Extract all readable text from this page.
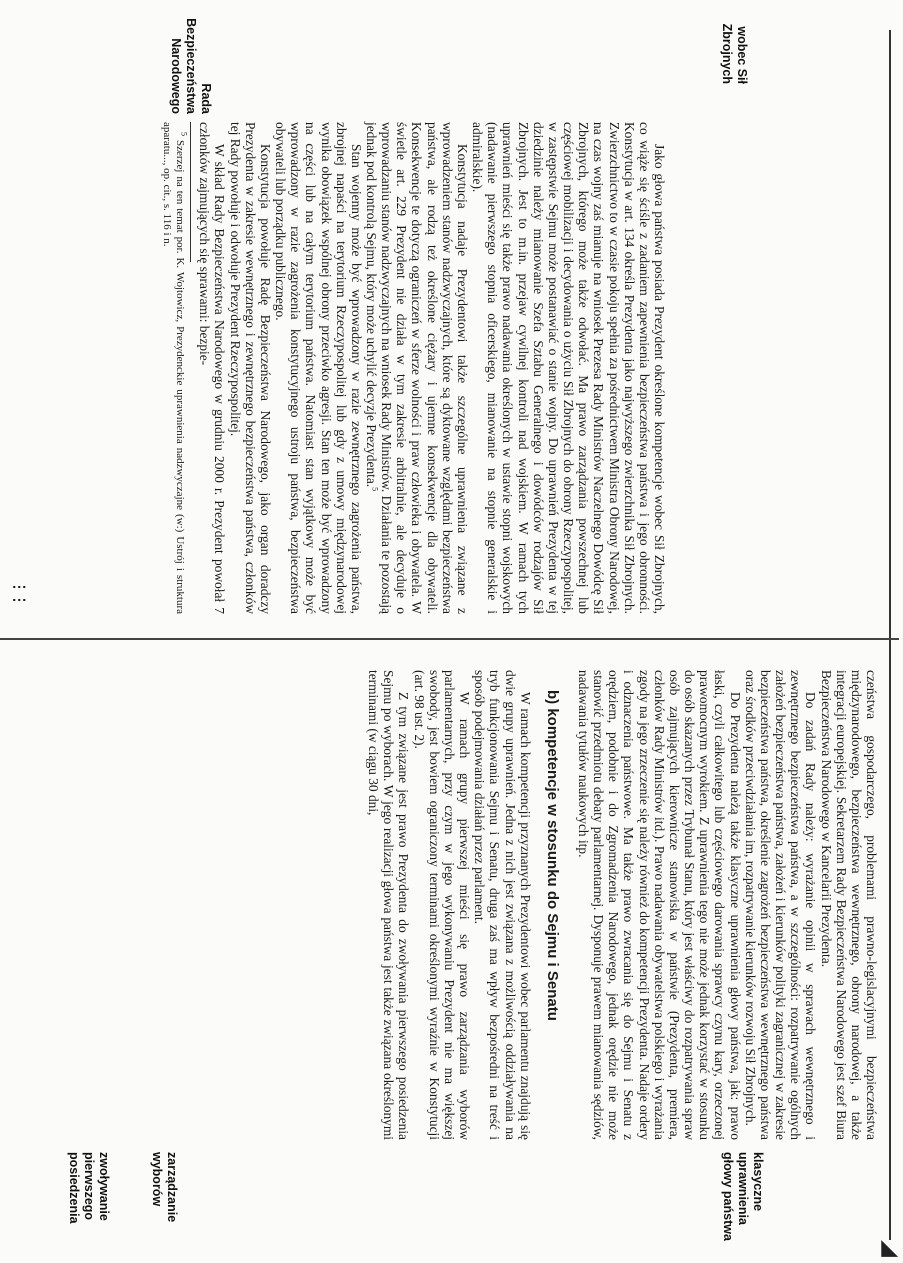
◢
wobec Sił
Zbrojnych
Rada
Bezpieczeństwa
Narodowego

Jako głowa państwa posiada Prezydent określone kompetencje wobec Sił Zbrojnych, co wiąże się ściśle z zadaniem zapewnienia bezpieczeństwa państwa i jego obronności. Konstytucja w art. 134 określa Prezydenta jako najwyższego zwierzchnika Sił Zbrojnych. Zwierzchnictwo to w czasie pokoju spełnia za pośrednictwem Ministra Obrony Narodowej, na czas wojny zaś mianuje na wniosek Prezesa Rady Ministrów Naczelnego Dowódcę Sił Zbrojnych, którego może także odwołać. Ma prawo zarządzania powszechnej lub częściowej mobilizacji i decydowania o użyciu Sił Zbrojnych do obrony Rzeczypospolitej, w zastępstwie Sejmu może postanawiać o stanie wojny. Do uprawnień Prezydenta w tej dziedzinie należy mianowanie Szefa Sztabu Generalnego i dowódców rodzajów Sił Zbrojnych. Jest to m.in. przejaw cywilnej kontroli nad wojskiem. W ramach tych uprawnień mieści się także prawo nadawania określonych w ustawie stopni wojskowych (nadawanie pierwszego stopnia oficerskiego, mianowanie na stopnie generalskie i admiralskie).

Konstytucja nadaje Prezydentowi także szczególne uprawnienia związane z wprowadzeniem stanów nadzwyczajnych, które są dyktowane względami bezpieczeństwa państwa, ale rodzą też określone ciężary i ujemne konsekwencje dla obywateli. Konsekwencje te dotyczą ograniczeń w sferze wolności i praw człowieka i obywatela. W świetle art. 229 Prezydent nie działa w tym zakresie arbitralnie, ale decyduje o wprowadzaniu stanów nadzwyczajnych na wniosek Rady Ministrów. Działania te pozostają jednak pod kontrolą Sejmu, który może uchylić decyzje Prezydenta.$^5$

Stan wojenny może być wprowadzony w razie zewnętrznego zagrożenia państwa, zbrojnej napaści na terytorium Rzeczypospolitej lub gdy z umowy międzynarodowej wynika obowiązek wspólnej obrony przeciwko agresji. Stan ten może być wprowadzony na części lub na całym terytorium państwa. Natomiast stan wyjątkowy może być wprowadzony w razie zagrożenia konstytucyjnego ustroju państwa, bezpieczeństwa obywateli lub porządku publicznego.

Konstytucja powołuje Radę Bezpieczeństwa Narodowego, jako organ doradczy Prezydenta w zakresie wewnętrznego i zewnętrznego bezpieczeństwa państwa, członków tej Rady powołuje i odwołuje Prezydent Rzeczypospolitej.

W skład Rady Bezpieczeństwa Narodowego w grudniu 2000 r. Prezydent powołał 7 członków zajmujących się sprawami: bezpie-

$^5$ Szerzej na ten temat por. K. Wojtowicz, Prezydenckie uprawnienia nadzwyczajne (w:) Ustrój i struktura aparatu..., op. cit., s. 116 i n.

⋮⋮

czeństwa gospodarczego, problemami prawno-legislacyjnymi bezpieczeństwa międzynarodowego, bezpieczeństwa wewnętrznego, obrony narodowej, a także integracji europejskiej. Sekretarzem Rady Bezpieczeństwa Narodowego jest szef Biura Bezpieczeństwa Narodowego w Kancelarii Prezydenta.

Do zadań Rady należy: wyrażanie opinii w sprawach wewnętrznego i zewnętrznego bezpieczeństwa państwa, a w szczególności: rozpatrywanie ogólnych założeń bezpieczeństwa państwa, założeń i kierunków polityki zagranicznej w zakresie bezpieczeństwa państwa, określenie zagrożeń bezpieczeństwa wewnętrznego państwa oraz środków przeciwdziałania im, rozpatrywanie kierunków rozwoju Sił Zbrojnych.

Do Prezydenta należą także klasyczne uprawnienia głowy państwa, jak: prawo łaski, czyli całkowitego lub częściowego darowania sprawcy czynu kary, orzeczonej prawomocnym wyrokiem. Z uprawnienia tego nie może jednak korzystać w stosunku do osób skazanych przez Trybunał Stanu, który jest właściwy do rozpatrywania spraw osób zajmujących kierownicze stanowiska w państwie (Prezydenta, premiera, członków Rady Ministrów itd.). Prawo nadawania obywatelstwa polskiego i wyrażania zgody na jego zrzeczenie się należy również do kompetencji Prezydenta. Nadaje ordery i odznaczenia państwowe. Ma także prawo zwracania się do Sejmu i Senatu z orędziem, podobnie i do Zgromadzenia Narodowego, jednak orędzie nie może stanowić przedmiotu debaty parlamentarnej. Dysponuje prawem mianowania sędziów, nadawania tytułów naukowych itp.

b) kompetencje w stosunku do Sejmu i Senatu

W ramach kompetencji przyznanych Prezydentowi wobec parlamentu znajdują się dwie grupy uprawnień. Jedna z nich jest związana z możliwością oddziaływania na tryb funkcjonowania Sejmu i Senatu, druga zaś ma wpływ bezpośredni na treść i sposób podejmowania działań przez parlament.

W ramach grupy pierwszej mieści się prawo zarządzania wyborów parlamentarnych, przy czym w jego wykonywaniu Prezydent nie ma większej swobody, jest bowiem ograniczony terminami określonymi wyraźnie w Konstytucji (art. 98 ust. 2).

Z tym związane jest prawo Prezydenta do zwoływania pierwszego posiedzenia Sejmu po wyborach. W jego realizacji głowa państwa jest także związana określonymi terminami (w ciągu 30 dni,

klasyczne
uprawnienia
głowy państwa
zarządzanie
wyborów
zwoływanie
pierwszego
posiedzenia
